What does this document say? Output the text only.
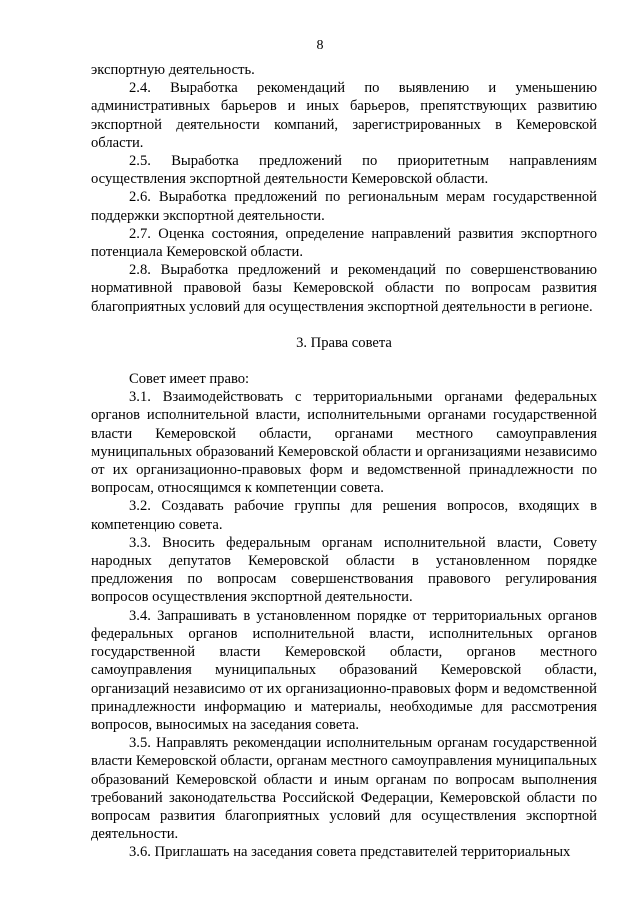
8

экспортную деятельность.

2.4. Выработка рекомендаций по выявлению и уменьшению административных барьеров и иных барьеров, препятствующих развитию экспортной деятельности компаний, зарегистрированных в Кемеровской области.

2.5. Выработка предложений по приоритетным направлениям осуществления экспортной деятельности Кемеровской области.

2.6. Выработка предложений по региональным мерам государственной поддержки экспортной деятельности.

2.7. Оценка состояния, определение направлений развития экспортного потенциала Кемеровской области.

2.8. Выработка предложений и рекомендаций по совершенствованию нормативной правовой базы Кемеровской области по вопросам развития благоприятных условий для осуществления экспортной деятельности в регионе.

3. Права совета

Совет имеет право:

3.1. Взаимодействовать с территориальными органами федеральных органов исполнительной власти, исполнительными органами государственной власти Кемеровской области, органами местного самоуправления муниципальных образований Кемеровской области и организациями независимо от их организационно-правовых форм и ведомственной принадлежности по вопросам, относящимся к компетенции совета.

3.2. Создавать рабочие группы для решения вопросов, входящих в компетенцию совета.

3.3. Вносить федеральным органам исполнительной власти, Совету народных депутатов Кемеровской области в установленном порядке предложения по вопросам совершенствования правового регулирования вопросов осуществления экспортной деятельности.

3.4. Запрашивать в установленном порядке от территориальных органов федеральных органов исполнительной власти, исполнительных органов государственной власти Кемеровской области, органов местного самоуправления муниципальных образований Кемеровской области, организаций независимо от их организационно-правовых форм и ведомственной принадлежности информацию и материалы, необходимые для рассмотрения вопросов, выносимых на заседания совета.

3.5. Направлять рекомендации исполнительным органам государственной власти Кемеровской области, органам местного самоуправления муниципальных образований Кемеровской области и иным органам по вопросам выполнения требований законодательства Российской Федерации, Кемеровской области по вопросам развития благоприятных условий для осуществления экспортной деятельности.

3.6. Приглашать на заседания совета представителей территориальных
